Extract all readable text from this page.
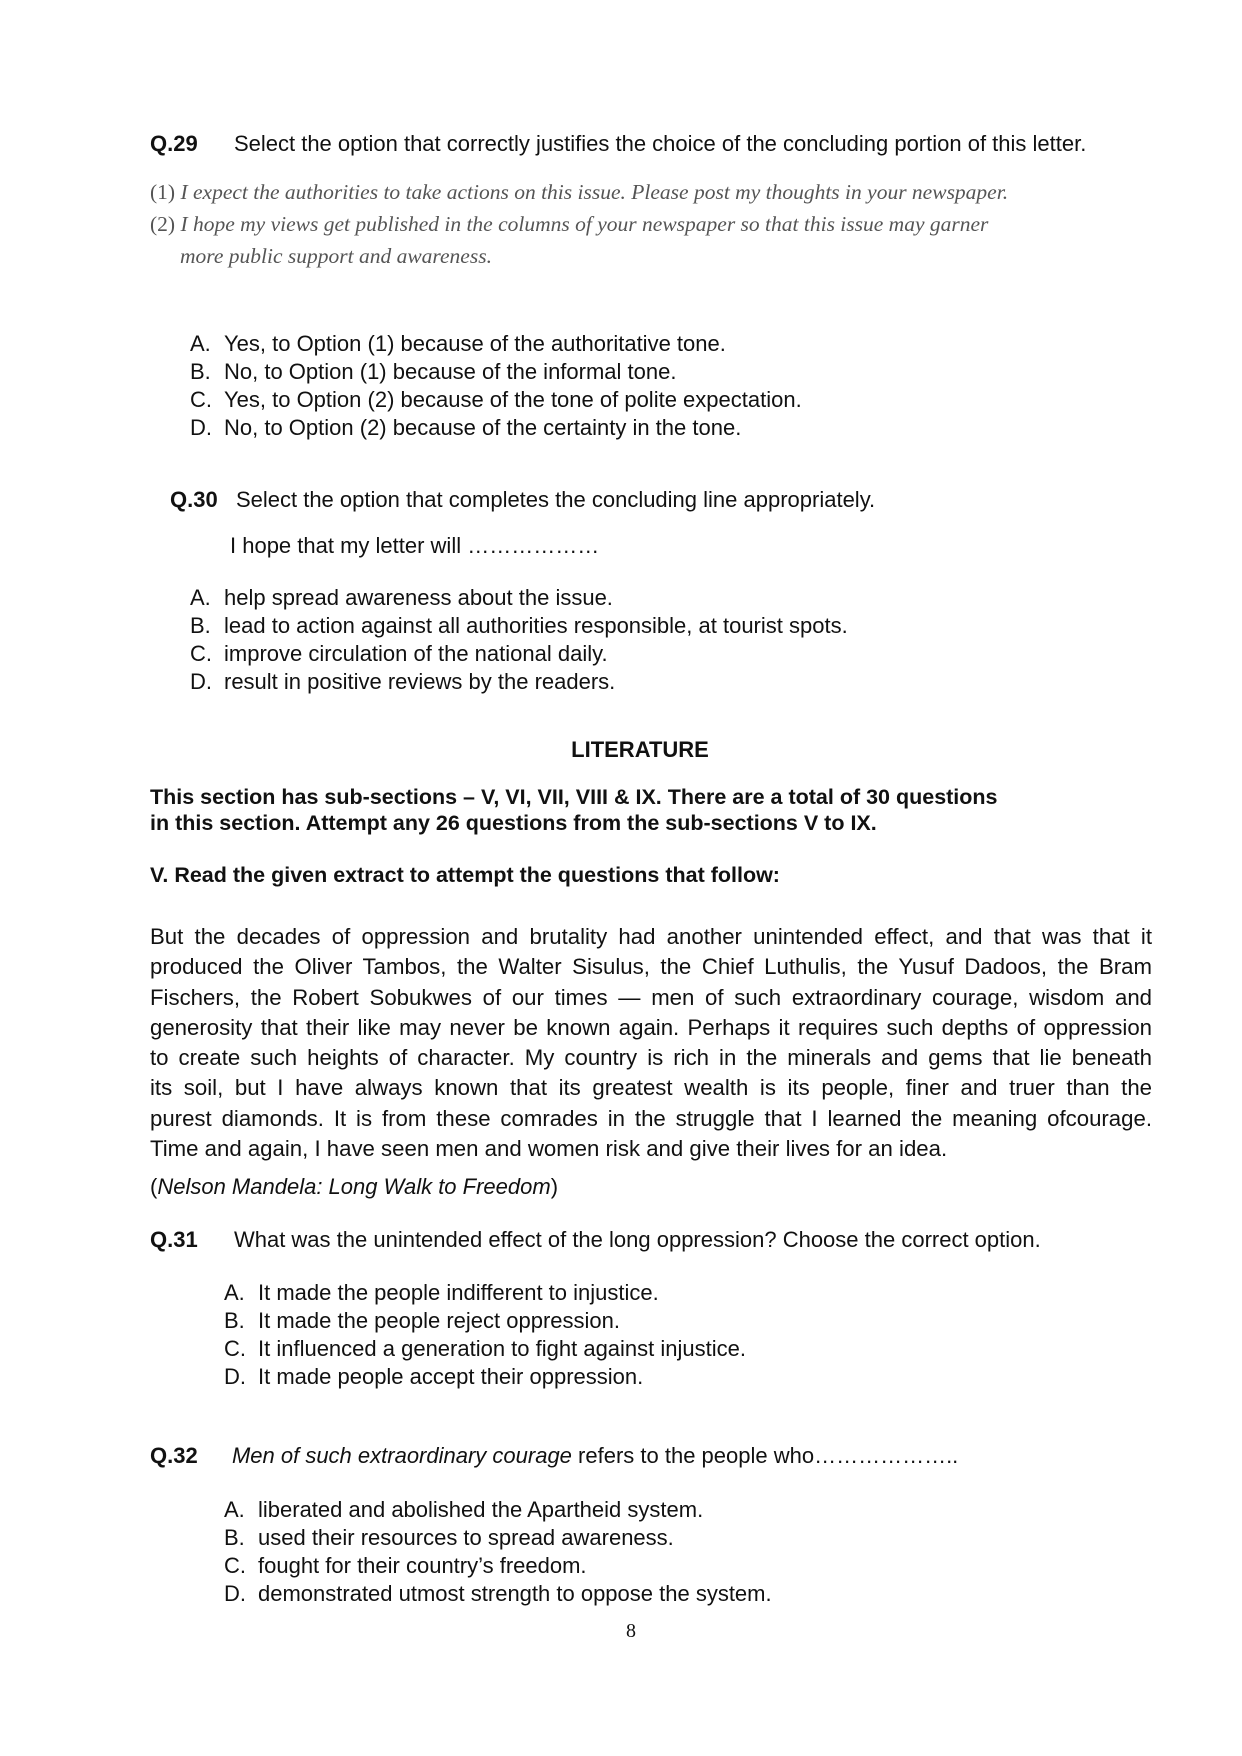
Q.29 Select the option that correctly justifies the choice of the concluding portion of this letter.
(1) I expect the authorities to take actions on this issue. Please post my thoughts in your newspaper.
(2) I hope my views get published in the columns of your newspaper so that this issue may garner
more public support and awareness.
A. Yes, to Option (1) because of the authoritative tone.
B. No, to Option (1) because of the informal tone.
C. Yes, to Option (2) because of the tone of polite expectation.
D. No, to Option (2) because of the certainty in the tone.
Q.30 Select the option that completes the concluding line appropriately.
I hope that my letter will ………………
A. help spread awareness about the issue.
B. lead to action against all authorities responsible, at tourist spots.
C. improve circulation of the national daily.
D. result in positive reviews by the readers.
LITERATURE
This section has sub-sections – V, VI, VII, VIII & IX. There are a total of 30 questions
in this section. Attempt any 26 questions from the sub-sections V to IX.
V. Read the given extract to attempt the questions that follow:
But the decades of oppression and brutality had another unintended effect, and that was that it
produced the Oliver Tambos, the Walter Sisulus, the Chief Luthulis, the Yusuf Dadoos, the Bram
Fischers, the Robert Sobukwes of our times — men of such extraordinary courage, wisdom and
generosity that their like may never be known again. Perhaps it requires such depths of oppression
to create such heights of character. My country is rich in the minerals and gems that lie beneath
its soil, but I have always known that its greatest wealth is its people, finer and truer than the
purest diamonds. It is from these comrades in the struggle that I learned the meaning ofcourage.
Time and again, I have seen men and women risk and give their lives for an idea.
(Nelson Mandela: Long Walk to Freedom)
Q.31 What was the unintended effect of the long oppression? Choose the correct option.
A. It made the people indifferent to injustice.
B. It made the people reject oppression.
C. It influenced a generation to fight against injustice.
D. It made people accept their oppression.
Q.32 Men of such extraordinary courage refers to the people who………………..
A. liberated and abolished the Apartheid system.
B. used their resources to spread awareness.
C. fought for their country’s freedom.
D. demonstrated utmost strength to oppose the system.
8
